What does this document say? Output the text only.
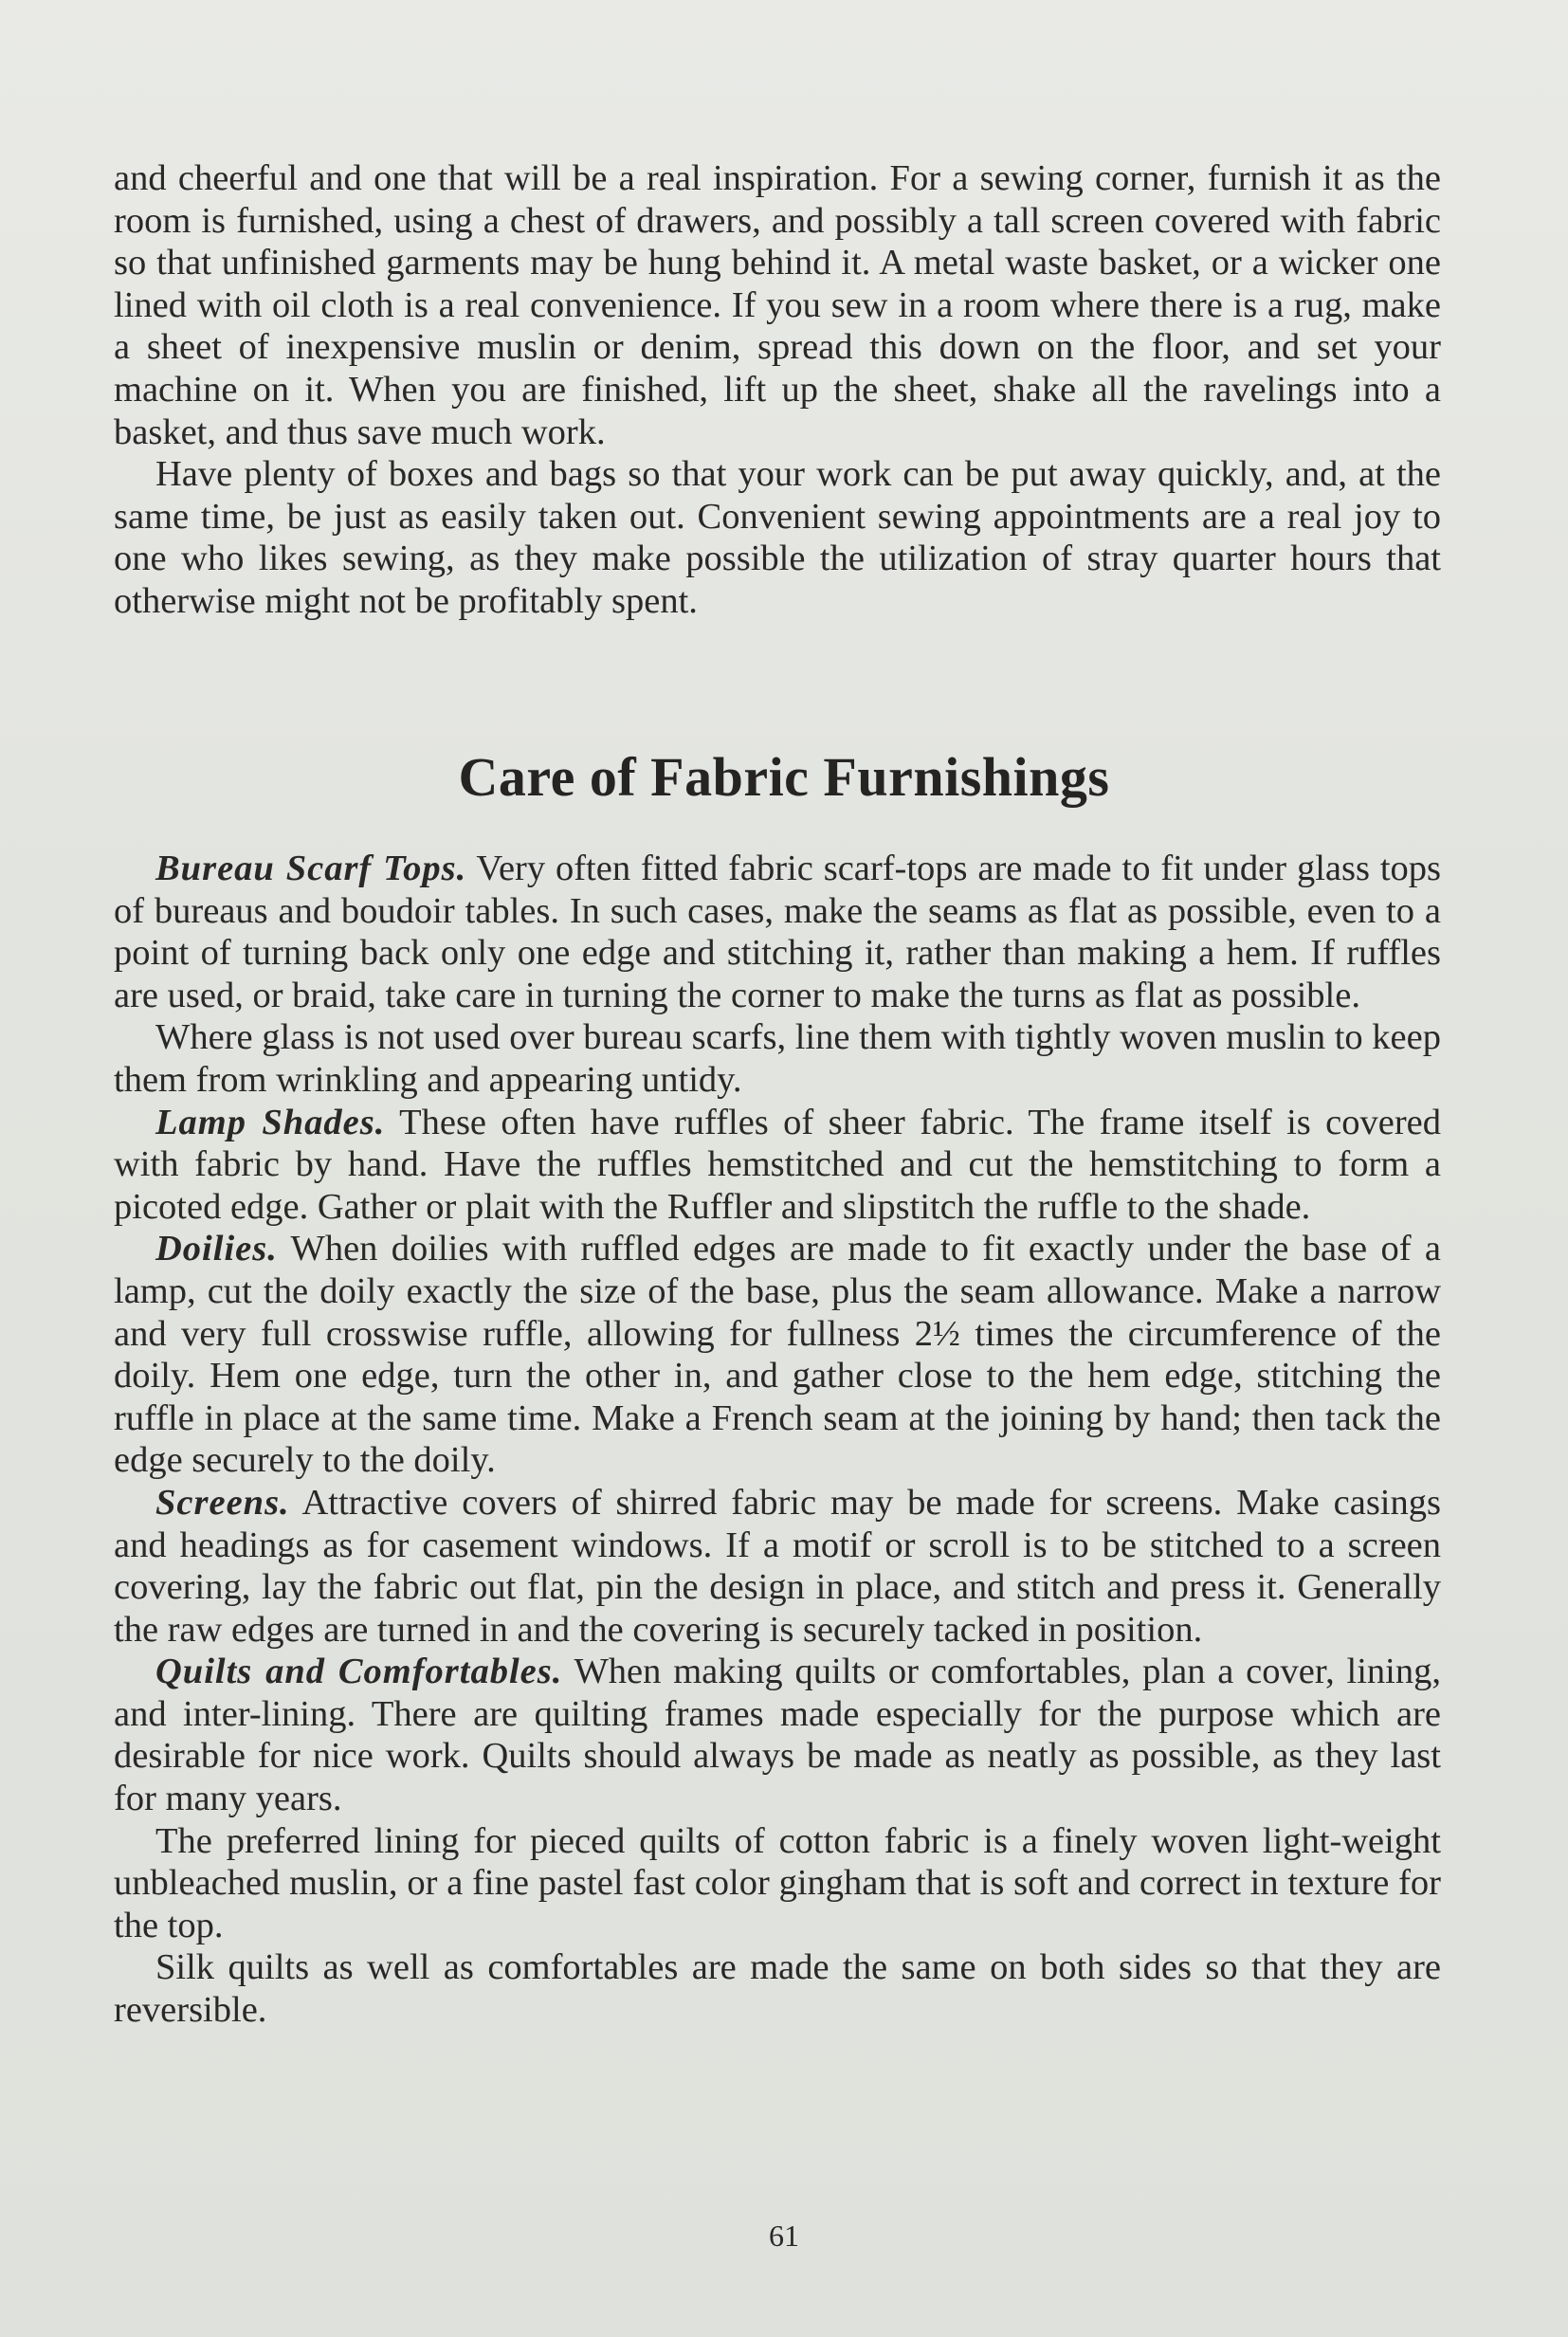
and cheerful and one that will be a real inspiration. For a sewing corner, furnish it as the room is furnished, using a chest of drawers, and possibly a tall screen covered with fabric so that unfinished garments may be hung behind it. A metal waste basket, or a wicker one lined with oil cloth is a real convenience. If you sew in a room where there is a rug, make a sheet of inexpensive muslin or denim, spread this down on the floor, and set your machine on it. When you are finished, lift up the sheet, shake all the ravelings into a basket, and thus save much work.

Have plenty of boxes and bags so that your work can be put away quickly, and, at the same time, be just as easily taken out. Convenient sewing appointments are a real joy to one who likes sewing, as they make possible the utilization of stray quarter hours that otherwise might not be profitably spent.

Care of Fabric Furnishings

Bureau Scarf Tops. Very often fitted fabric scarf-tops are made to fit under glass tops of bureaus and boudoir tables. In such cases, make the seams as flat as possible, even to a point of turning back only one edge and stitching it, rather than making a hem. If ruffles are used, or braid, take care in turning the corner to make the turns as flat as possible.

Where glass is not used over bureau scarfs, line them with tightly woven muslin to keep them from wrinkling and appearing untidy.

Lamp Shades. These often have ruffles of sheer fabric. The frame itself is covered with fabric by hand. Have the ruffles hemstitched and cut the hemstitching to form a picoted edge. Gather or plait with the Ruffler and slipstitch the ruffle to the shade.

Doilies. When doilies with ruffled edges are made to fit exactly under the base of a lamp, cut the doily exactly the size of the base, plus the seam allowance. Make a narrow and very full crosswise ruffle, allowing for fullness 2½ times the circumference of the doily. Hem one edge, turn the other in, and gather close to the hem edge, stitching the ruffle in place at the same time. Make a French seam at the joining by hand; then tack the edge securely to the doily.

Screens. Attractive covers of shirred fabric may be made for screens. Make casings and headings as for casement windows. If a motif or scroll is to be stitched to a screen covering, lay the fabric out flat, pin the design in place, and stitch and press it. Generally the raw edges are turned in and the covering is securely tacked in position.

Quilts and Comfortables. When making quilts or comfortables, plan a cover, lining, and inter-lining. There are quilting frames made especially for the purpose which are desirable for nice work. Quilts should always be made as neatly as possible, as they last for many years.

The preferred lining for pieced quilts of cotton fabric is a finely woven light-weight unbleached muslin, or a fine pastel fast color gingham that is soft and correct in texture for the top.

Silk quilts as well as comfortables are made the same on both sides so that they are reversible.

61
